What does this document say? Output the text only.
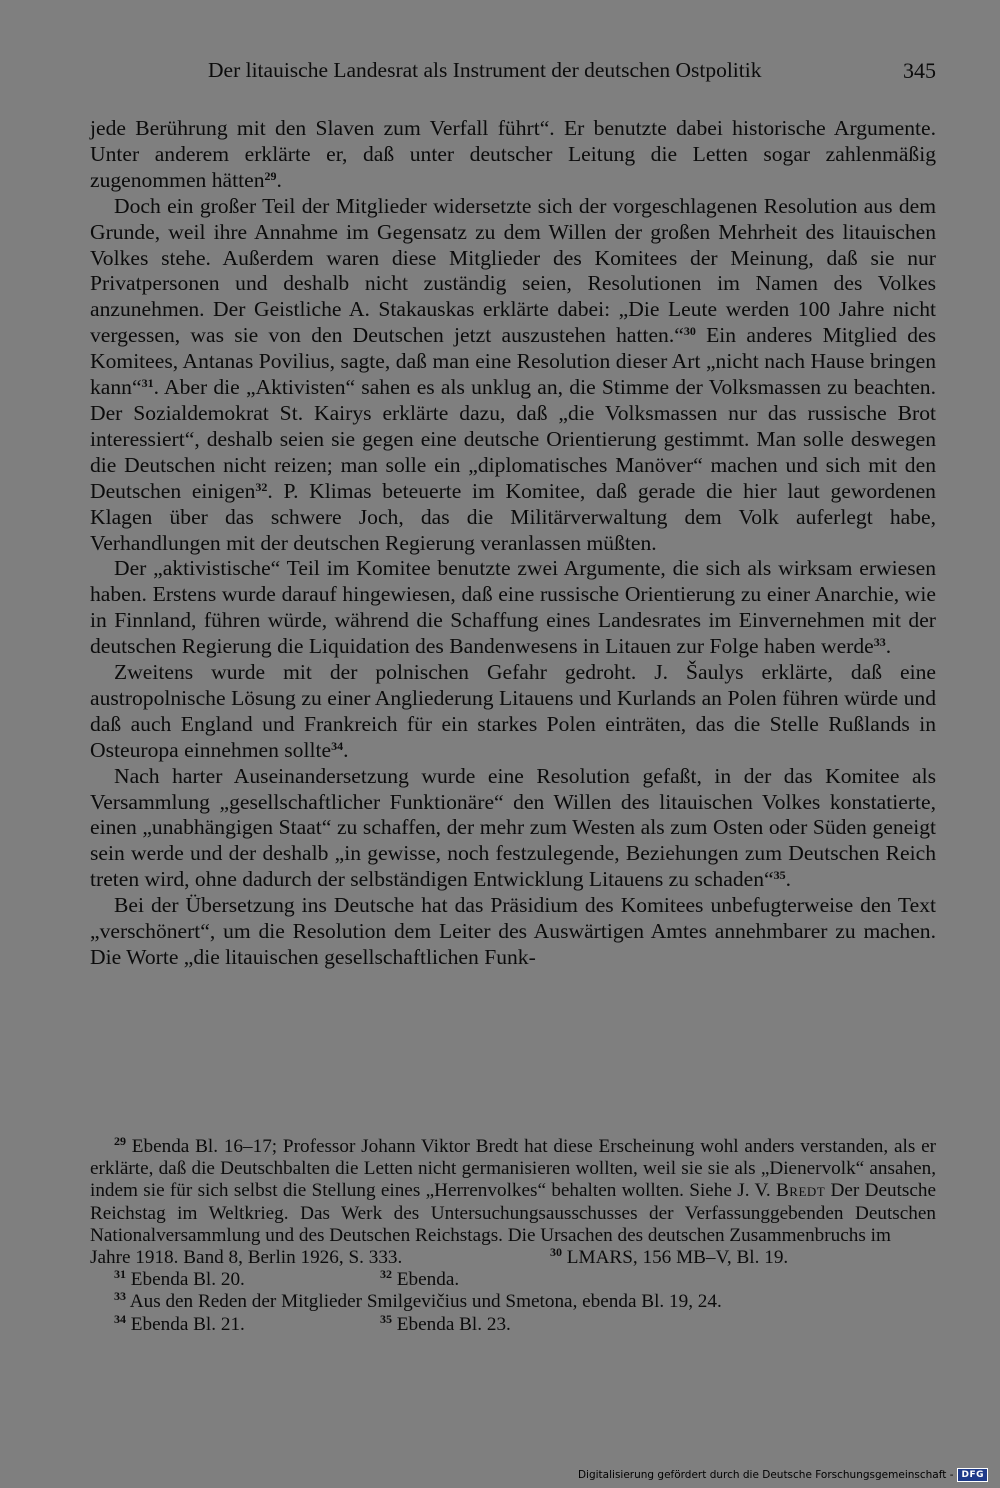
Der litauische Landesrat als Instrument der deutschen Ostpolitik	345

jede Berührung mit den Slaven zum Verfall führt“. Er benutzte dabei historische Argumente. Unter anderem erklärte er, daß unter deutscher Leitung die Letten sogar zahlenmäßig zugenommen hätten$^{29}$.

Doch ein großer Teil der Mitglieder widersetzte sich der vorgeschlagenen Resolution aus dem Grunde, weil ihre Annahme im Gegensatz zu dem Willen der großen Mehrheit des litauischen Volkes stehe. Außerdem waren diese Mitglieder des Komitees der Meinung, daß sie nur Privatpersonen und deshalb nicht zuständig seien, Resolutionen im Namen des Volkes anzunehmen. Der Geistliche A. Stakauskas erklärte dabei: „Die Leute werden 100 Jahre nicht vergessen, was sie von den Deutschen jetzt auszustehen hatten.“$^{30}$ Ein anderes Mitglied des Komitees, Antanas Povilius, sagte, daß man eine Resolution dieser Art „nicht nach Hause bringen kann“$^{31}$. Aber die „Aktivisten“ sahen es als unklug an, die Stimme der Volksmassen zu beachten. Der Sozialdemokrat St. Kairys erklärte dazu, daß „die Volksmassen nur das russische Brot interessiert“, deshalb seien sie gegen eine deutsche Orientierung gestimmt. Man solle deswegen die Deutschen nicht reizen; man solle ein „diplomatisches Manöver“ machen und sich mit den Deutschen einigen$^{32}$. P. Klimas beteuerte im Komitee, daß gerade die hier laut gewordenen Klagen über das schwere Joch, das die Militärverwaltung dem Volk auferlegt habe, Verhandlungen mit der deutschen Regierung veranlassen müßten.

Der „aktivistische“ Teil im Komitee benutzte zwei Argumente, die sich als wirksam erwiesen haben. Erstens wurde darauf hingewiesen, daß eine russische Orientierung zu einer Anarchie, wie in Finnland, führen würde, während die Schaffung eines Landesrates im Einvernehmen mit der deutschen Regierung die Liquidation des Bandenwesens in Litauen zur Folge haben werde$^{33}$.

Zweitens wurde mit der polnischen Gefahr gedroht. J. Šaulys erklärte, daß eine austropolnische Lösung zu einer Angliederung Litauens und Kurlands an Polen führen würde und daß auch England und Frankreich für ein starkes Polen einträten, das die Stelle Rußlands in Osteuropa einnehmen sollte$^{34}$.

Nach harter Auseinandersetzung wurde eine Resolution gefaßt, in der das Komitee als Versammlung „gesellschaftlicher Funktionäre“ den Willen des litauischen Volkes konstatierte, einen „unabhängigen Staat“ zu schaffen, der mehr zum Westen als zum Osten oder Süden geneigt sein werde und der deshalb „in gewisse, noch festzulegende, Beziehungen zum Deutschen Reich treten wird, ohne dadurch der selbständigen Entwicklung Litauens zu schaden“$^{35}$.

Bei der Übersetzung ins Deutsche hat das Präsidium des Komitees unbefugterweise den Text „verschönert“, um die Resolution dem Leiter des Auswärtigen Amtes annehmbarer zu machen. Die Worte „die litauischen gesellschaftlichen Funk-

$^{29}$ Ebenda Bl. 16–17; Professor Johann Viktor Bredt hat diese Erscheinung wohl anders verstanden, als er erklärte, daß die Deutschbalten die Letten nicht germanisieren wollten, weil sie sie als „Dienervolk“ ansahen, indem sie für sich selbst die Stellung eines „Herrenvolkes“ behalten wollten. Siehe J. V. Bredt Der Deutsche Reichstag im Weltkrieg. Das Werk des Untersuchungsausschusses der Verfassunggebenden Deutschen Nationalversammlung und des Deutschen Reichstags. Die Ursachen des deutschen Zusammenbruchs im

Jahre 1918. Band 8, Berlin 1926, S. 333.	$^{30}$ LMARS, 156 MB–V, Bl. 19.
$^{31}$ Ebenda Bl. 20.	$^{32}$ Ebenda.
$^{33}$ Aus den Reden der Mitglieder Smilgevičius und Smetona, ebenda Bl. 19, 24.
$^{34}$ Ebenda Bl. 21.	$^{35}$ Ebenda Bl. 23.
Digitalisierung gefördert durch die Deutsche Forschungsgemeinschaft - DFG
